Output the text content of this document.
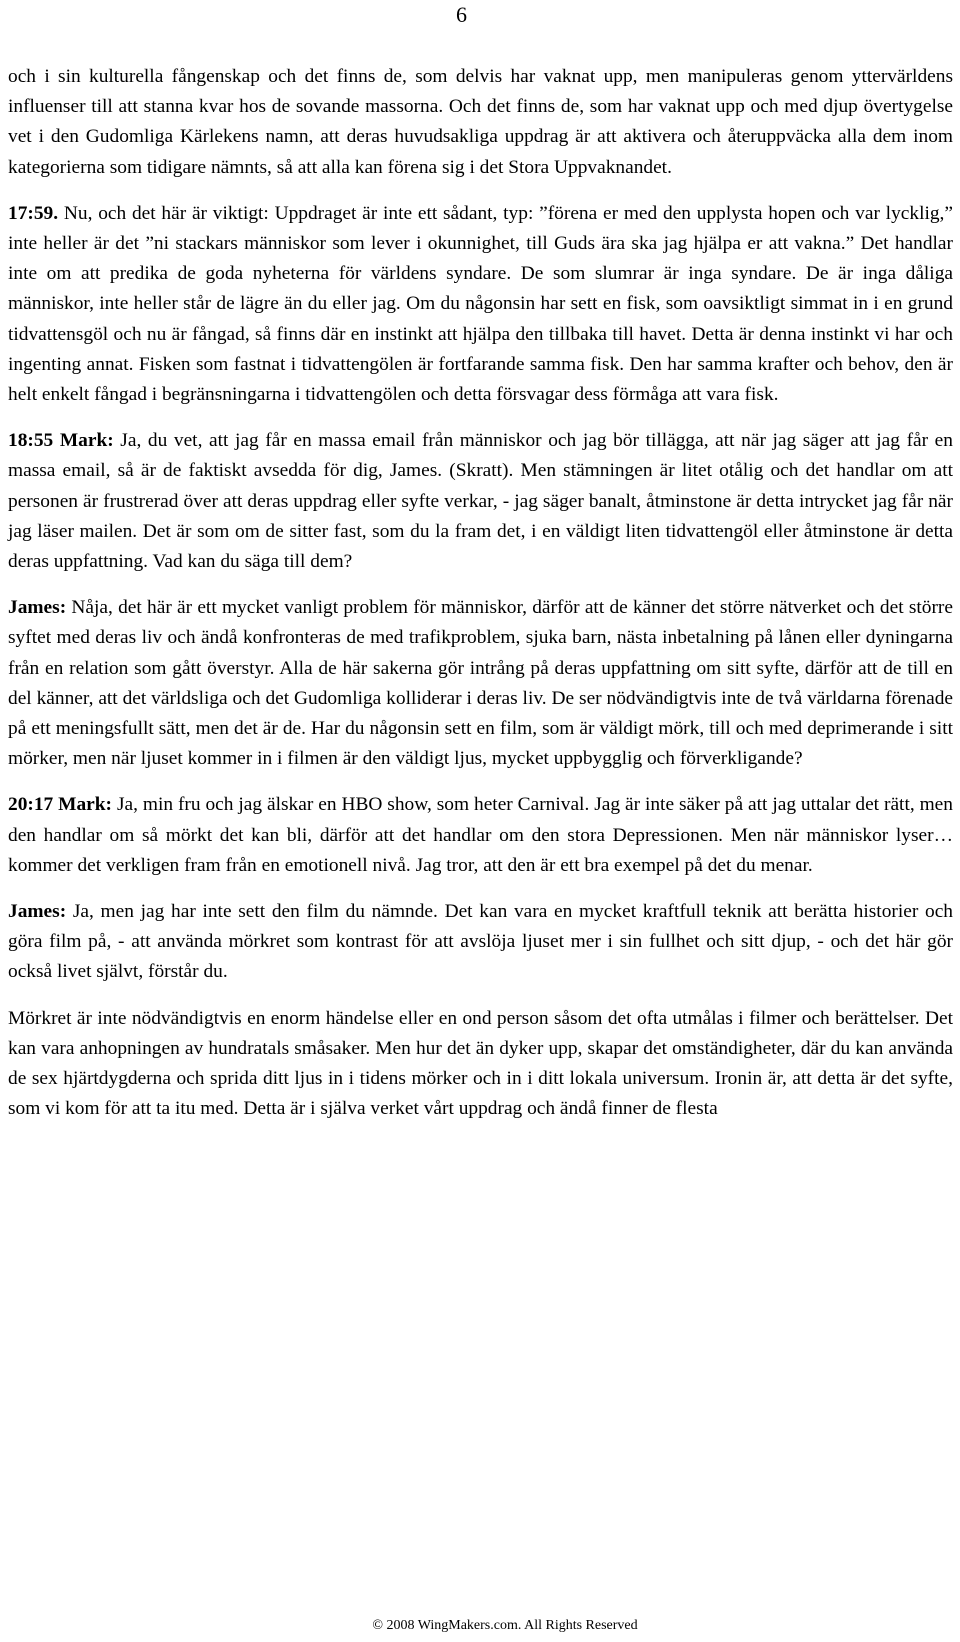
6

och i sin kulturella fångenskap och det finns de, som delvis har vaknat upp, men manipuleras genom yttervärldens influenser till att stanna kvar hos de sovande massorna. Och det finns de, som har vaknat upp och med djup övertygelse vet i den Gudomliga Kärlekens namn, att deras huvudsakliga uppdrag är att aktivera och återuppväcka alla dem inom kategorierna som tidigare nämnts, så att alla kan förena sig i det Stora Uppvaknandet.

17:59. Nu, och det här är viktigt: Uppdraget är inte ett sådant, typ: ”förena er med den upplysta hopen och var lycklig,” inte heller är det ”ni stackars människor som lever i okunnighet, till Guds ära ska jag hjälpa er att vakna.” Det handlar inte om att predika de goda nyheterna för världens syndare. De som slumrar är inga syndare. De är inga dåliga människor, inte heller står de lägre än du eller jag. Om du någonsin har sett en fisk, som oavsiktligt simmat in i en grund tidvattensgöl och nu är fångad, så finns där en instinkt att hjälpa den tillbaka till havet. Detta är denna instinkt vi har och ingenting annat. Fisken som fastnat i tidvattengölen är fortfarande samma fisk. Den har samma krafter och behov, den är helt enkelt fångad i begränsningarna i tidvattengölen och detta försvagar dess förmåga att vara fisk.

18:55 Mark: Ja, du vet, att jag får en massa email från människor och jag bör tillägga, att när jag säger att jag får en massa email, så är de faktiskt avsedda för dig, James. (Skratt). Men stämningen är litet otålig och det handlar om att personen är frustrerad över att deras uppdrag eller syfte verkar, - jag säger banalt, åtminstone är detta intrycket jag får när jag läser mailen. Det är som om de sitter fast, som du la fram det, i en väldigt liten tidvattengöl eller åtminstone är detta deras uppfattning. Vad kan du säga till dem?

James: Nåja, det här är ett mycket vanligt problem för människor, därför att de känner det större nätverket och det större syftet med deras liv och ändå konfronteras de med trafikproblem, sjuka barn, nästa inbetalning på lånen eller dyningarna från en relation som gått överstyr. Alla de här sakerna gör intrång på deras uppfattning om sitt syfte, därför att de till en del känner, att det världsliga och det Gudomliga kolliderar i deras liv. De ser nödvändigtvis inte de två världarna förenade på ett meningsfullt sätt, men det är de. Har du någonsin sett en film, som är väldigt mörk, till och med deprimerande i sitt mörker, men när ljuset kommer in i filmen är den väldigt ljus, mycket uppbygglig och förverkligande?

20:17 Mark: Ja, min fru och jag älskar en HBO show, som heter Carnival. Jag är inte säker på att jag uttalar det rätt, men den handlar om så mörkt det kan bli, därför att det handlar om den stora Depressionen. Men när människor lyser… kommer det verkligen fram från en emotionell nivå. Jag tror, att den är ett bra exempel på det du menar.

James: Ja, men jag har inte sett den film du nämnde. Det kan vara en mycket kraftfull teknik att berätta historier och göra film på, - att använda mörkret som kontrast för att avslöja ljuset mer i sin fullhet och sitt djup, - och det här gör också livet självt, förstår du.

Mörkret är inte nödvändigtvis en enorm händelse eller en ond person såsom det ofta utmålas i filmer och berättelser. Det kan vara anhopningen av hundratals småsaker. Men hur det än dyker upp, skapar det omständigheter, där du kan använda de sex hjärtdygderna och sprida ditt ljus in i tidens mörker och in i ditt lokala universum. Ironin är, att detta är det syfte, som vi kom för att ta itu med. Detta är i själva verket vårt uppdrag och ändå finner de flesta

© 2008 WingMakers.com. All Rights Reserved
